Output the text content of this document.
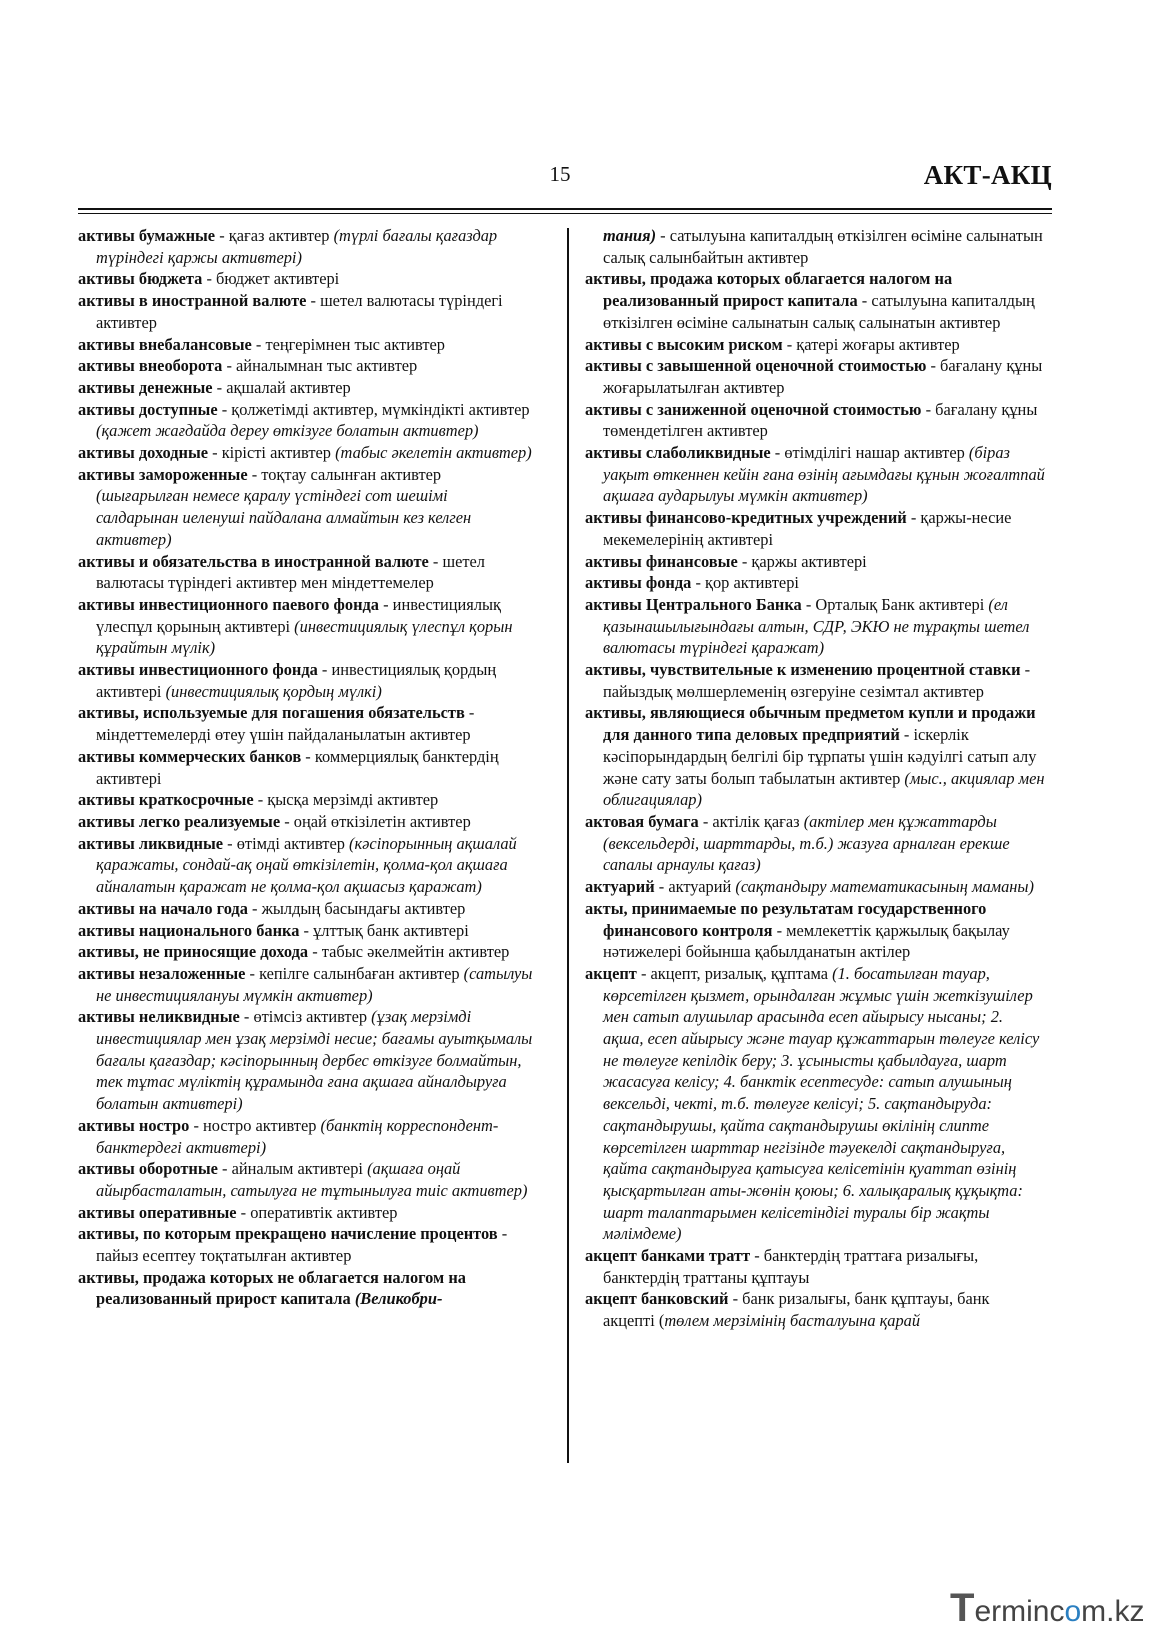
15	АКТ-АКЦ

активы бумажные - қағаз активтер (түрлі бағалы қағаздар түріндегі қаржы активтері)

активы бюджета - бюджет активтері

активы в иностранной валюте - шетел валютасы түріндегі активтер

активы внебалансовые - теңгерімнен тыс активтер

активы внеоборота - айналымнан тыс активтер

активы денежные - ақшалай активтер

активы доступные - қолжетімді активтер, мүмкіндікті активтер (қажет жағдайда дереу өткізуге болатын активтер)

активы доходные - кірісті активтер (табыс әкелетін активтер)

активы замороженные - тоқтау салынған активтер (шығарылған немесе қаралу үстіндегі сот шешімі салдарынан иеленуші пайдалана алмайтын кез келген активтер)

активы и обязательства в иностранной валюте - шетел валютасы түріндегі активтер мен міндеттемелер

активы инвестиционного паевого фонда - инвестициялық үлеспұл қорының активтері (инвестициялық үлеспұл қорын құрайтын мүлік)

активы инвестиционного фонда - инвестициялық қордың активтері (инвестициялық қордың мүлкі)

активы, используемые для погашения обязательств - міндеттемелерді өтеу үшін пайдаланылатын активтер

активы коммерческих банков - коммерциялық банктердің активтері

активы краткосрочные - қысқа мерзімді активтер

активы легко реализуемые - оңай өткізілетін активтер

активы ликвидные - өтімді активтер (кәсіпорынның ақшалай қаражаты, сондай-ақ оңай өткізілетін, қолма-қол ақшаға айналатын қаражат не қолма-қол ақшасыз қаражат)

активы на начало года - жылдың басындағы активтер

активы национального банка - ұлттық банк активтері

активы, не приносящие дохода - табыс әкелмейтін активтер

активы незаложенные - кепілге салынбаған активтер (сатылуы не инвестициялануы мүмкін активтер)

активы неликвидные - өтімсіз активтер (ұзақ мерзімді инвестициялар мен ұзақ мерзімді несие; бағамы ауытқымалы бағалы қағаздар; кәсіпорынның дербес өткізуге болмайтын, тек тұтас мүліктің құрамында ғана ақшаға айналдыруға болатын активтері)

активы ностро - ностро активтер (банктің корреспондент-банктердегі активтері)

активы оборотные - айналым активтері (ақшаға оңай айырбасталатын, сатылуға не тұтынылуға тиіс активтер)

активы оперативные - оперативтік активтер

активы, по которым прекращено начисление процентов - пайыз есептеу тоқтатылған активтер

активы, продажа которых не облагается налогом на реализованный прирост капитала (Великобри-

тания) - сатылуына капиталдың өткізілген өсіміне салынатын салық салынбайтын активтер

активы, продажа которых облагается налогом на реализованный прирост капитала - сатылуына капиталдың өткізілген өсіміне салынатын салық салынатын активтер

активы с высоким риском - қатері жоғары активтер

активы с завышенной оценочной стоимостью - бағалану құны жоғарылатылған активтер

активы с заниженной оценочной стоимостью - бағалану құны төмендетілген активтер

активы слаболиквидные - өтімділігі нашар активтер (біраз уақыт өткеннен кейін ғана өзінің ағымдағы құнын жоғалтпай ақшаға аударылуы мүмкін активтер)

активы финансово-кредитных учреждений - қаржы-несие мекемелерінің активтері

активы финансовые - қаржы активтері

активы фонда - қор активтері

активы Центрального Банка - Орталық Банк активтері (ел қазынашылығындағы алтын, СДР, ЭКЮ не тұрақты шетел валютасы түріндегі қаражат)

активы, чувствительные к изменению процентной ставки - пайыздық мөлшерлеменің өзгеруіне сезімтал активтер

активы, являющиеся обычным предметом купли и продажи для данного типа деловых предприятий - іскерлік кәсіпорындардың белгілі бір тұрпаты үшін кәдуілгі сатып алу және сату заты болып табылатын активтер (мыс., акциялар мен облигациялар)

актовая бумага - актілік қағаз (актілер мен құжаттарды (вексельдерді, шарттарды, т.б.) жазуға арналған ерекше сапалы арнаулы қағаз)

актуарий - актуарий (сақтандыру математикасының маманы)

акты, принимаемые по результатам государственного финансового контроля - мемлекеттік қаржылық бақылау нәтижелері бойынша қабылданатын актілер

акцепт - акцепт, ризалық, құптама (1. босатылған тауар, көрсетілген қызмет, орындалған жұмыс үшін жеткізушілер мен сатып алушылар арасында есеп айырысу нысаны; 2. ақша, есеп айырысу және тауар құжаттарын төлеуге келісу не төлеуге кепілдік беру; 3. ұсынысты қабылдауға, шарт жасасуға келісу; 4. банктік есептесуде: сатып алушының вексельді, чекті, т.б. төлеуге келісуі; 5. сақтандыруда: сақтандырушы, қайта сақтандырушы өкілінің слипте көрсетілген шарттар негізінде тәуекелді сақтандыруға, қайта сақтандыруға қатысуға келісетінін қуаттап өзінің қысқартылған аты-жөнін қоюы; 6. халықаралық құқықта: шарт талаптарымен келісетіндігі туралы бір жақты мәлімдеме)

акцепт банками тратт - банктердің траттаға ризалығы, банктердің траттаны құптауы

акцепт банковский - банк ризалығы, банк құптауы, банк акцепті (төлем мерзімінің басталуына қарай

Termincom.kz
